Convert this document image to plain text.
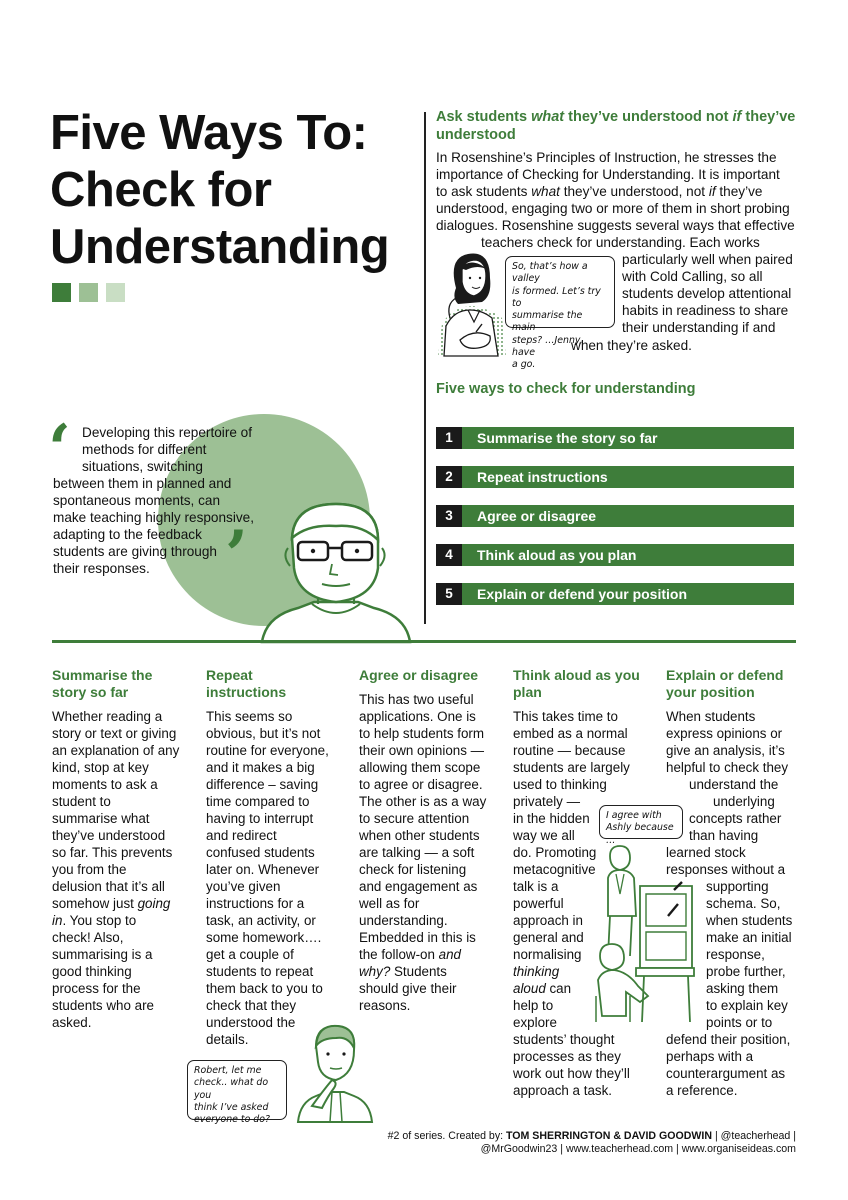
Five Ways To:
Check for
Understanding
Ask students what they’ve understood not if they’ve
understood
In Rosenshine’s Principles of Instruction, he stresses the
importance of Checking for Understanding. It is important
to ask students what they’ve understood, not if they’ve
understood, engaging two or more of them in short probing
dialogues. Rosenshine suggests several ways that effective
teachers check for understanding. Each works
particularly well when paired
with Cold Calling, so all
students develop attentional
habits in readiness to share
their understanding if and
when they’re asked.
So, that’s how a valley
is formed. Let’s try to
summarise the main
steps? …Jenny, have
a go.
Five ways to check for understanding
1	Summarise the story so far
2	Repeat instructions
3	Agree or disagree
4	Think aloud as you plan
5	Explain or defend your position
‘
’
Developing this repertoire of
methods for different
situations, switching
between them in planned and
spontaneous moments, can
make teaching highly responsive,
adapting to the feedback
students are giving through
their responses.
Summarise the
story so far
Whether reading a
story or text or giving
an explanation of any
kind, stop at key
moments to ask a
student to
summarise what
they’ve understood
so far. This prevents
you from the
delusion that it’s all
somehow just going
in. You stop to
check! Also,
summarising is a
good thinking
process for the
students who are
asked.
Repeat
instructions
This seems so
obvious, but it’s not
routine for everyone,
and it makes a big
difference – saving
time compared to
having to interrupt
and redirect
confused students
later on. Whenever
you’ve given
instructions for a
task, an activity, or
some homework….
get a couple of
students to repeat
them back to you to
check that they
understood the
details.
Robert, let me
check.. what do you
think I’ve asked
everyone to do?
Agree or disagree
This has two useful
applications. One is
to help students form
their own opinions —
allowing them scope
to agree or disagree.
The other is as a way
to secure attention
when other students
are talking — a soft
check for listening
and engagement as
well as for
understanding.
Embedded in this is
the follow-on and
why? Students
should give their
reasons.
Think aloud as you
plan
This takes time to
embed as a normal
routine — because
students are largely
used to thinking
privately —
in the hidden
way we all
do. Promoting
metacognitive
talk is a
powerful
approach in
general and
normalising
thinking
aloud can
help to
explore
students’ thought
processes as they
work out how they’ll
approach a task.
I agree with
Ashly because …
Explain or defend
your position
When students
express opinions or
give an analysis, it’s
helpful to check they
understand the
underlying
concepts rather
than having
learned stock
responses without a
supporting
schema. So,
when students
make an initial
response,
probe further,
asking them
to explain key
points or to
defend their position,
perhaps with a
counterargument as
a reference.
#2 of series. Created by: TOM SHERRINGTON & DAVID GOODWIN | @teacherhead |
@MrGoodwin23 | www.teacherhead.com | www.organiseideas.com
